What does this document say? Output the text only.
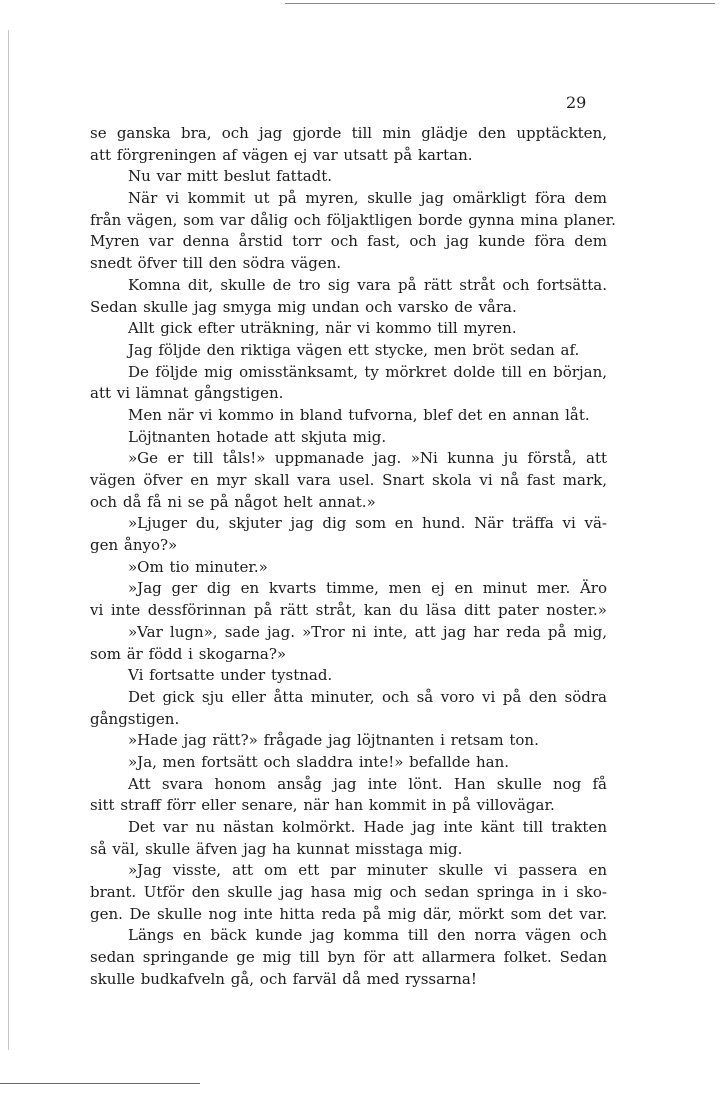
29
se ganska bra, och jag gjorde till min glädje den upptäckten,
att förgreningen af vägen ej var utsatt på kartan.
Nu var mitt beslut fattadt.
När vi kommit ut på myren, skulle jag omärkligt föra dem
från vägen, som var dålig och följaktligen borde gynna mina planer.
Myren var denna årstid torr och fast, och jag kunde föra dem
snedt öfver till den södra vägen.
Komna dit, skulle de tro sig vara på rätt stråt och fortsätta.
Sedan skulle jag smyga mig undan och varsko de våra.
Allt gick efter uträkning, när vi kommo till myren.
Jag följde den riktiga vägen ett stycke, men bröt sedan af.
De följde mig omisstänksamt, ty mörkret dolde till en början,
att vi lämnat gångstigen.
Men när vi kommo in bland tufvorna, blef det en annan låt.
Löjtnanten hotade att skjuta mig.
»Ge er till tåls!» uppmanade jag. »Ni kunna ju förstå, att
vägen öfver en myr skall vara usel. Snart skola vi nå fast mark,
och då få ni se på något helt annat.»
»Ljuger du, skjuter jag dig som en hund. När träffa vi vä-
gen ånyo?»
»Om tio minuter.»
»Jag ger dig en kvarts timme, men ej en minut mer. Äro
vi inte dessförinnan på rätt stråt, kan du läsa ditt pater noster.»
»Var lugn», sade jag. »Tror ni inte, att jag har reda på mig,
som är född i skogarna?»
Vi fortsatte under tystnad.
Det gick sju eller åtta minuter, och så voro vi på den södra
gångstigen.
»Hade jag rätt?» frågade jag löjtnanten i retsam ton.
»Ja, men fortsätt och sladdra inte!» befallde han.
Att svara honom ansåg jag inte lönt. Han skulle nog få
sitt straff förr eller senare, när han kommit in på villovägar.
Det var nu nästan kolmörkt. Hade jag inte känt till trakten
så väl, skulle äfven jag ha kunnat misstaga mig.
»Jag visste, att om ett par minuter skulle vi passera en
brant. Utför den skulle jag hasa mig och sedan springa in i sko-
gen. De skulle nog inte hitta reda på mig där, mörkt som det var.
Längs en bäck kunde jag komma till den norra vägen och
sedan springande ge mig till byn för att allarmera folket. Sedan
skulle budkafveln gå, och farväl då med ryssarna!
